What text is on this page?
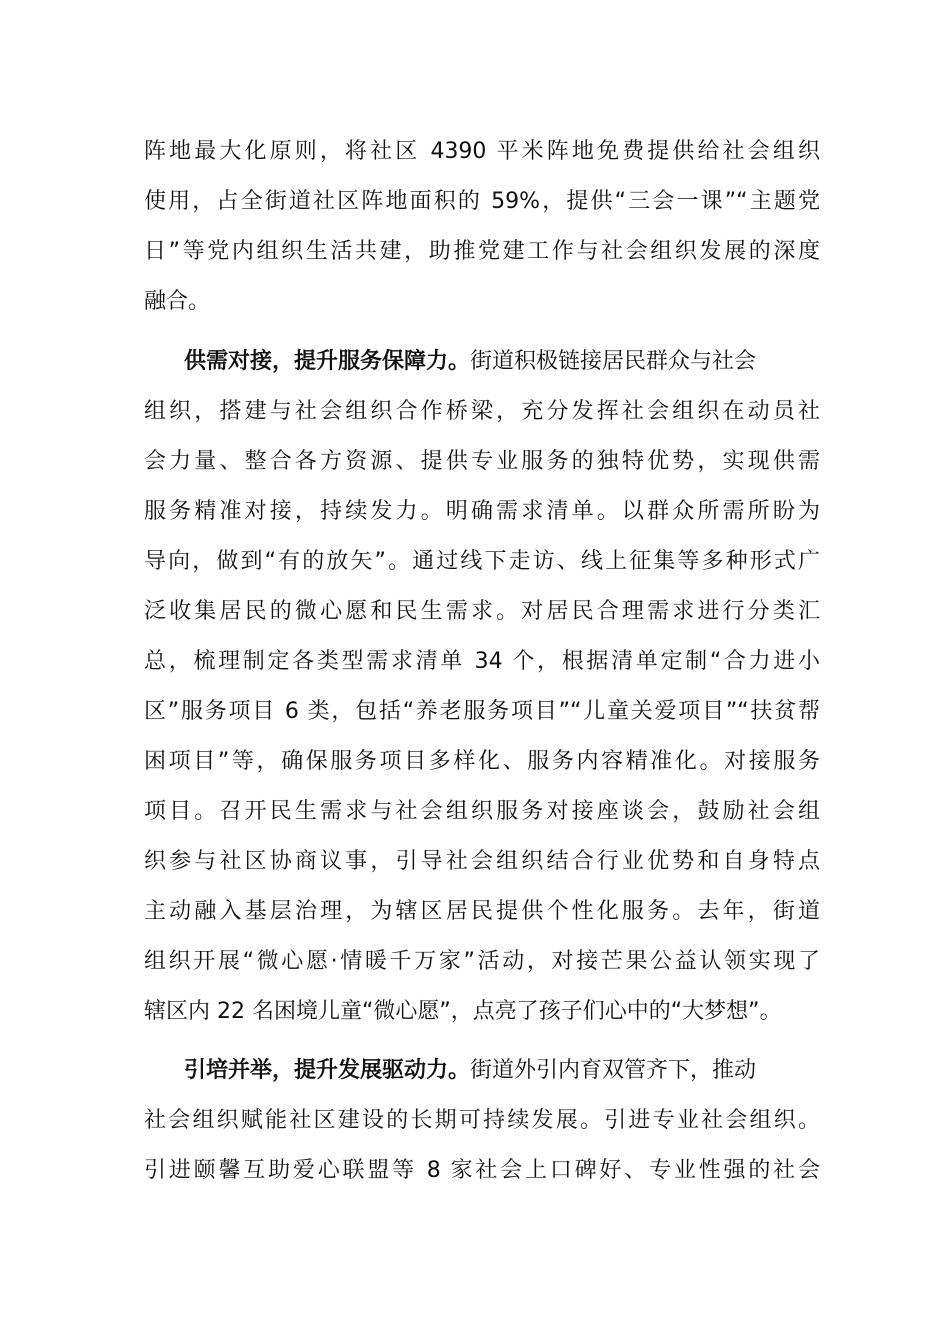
阵地最大化原则，将社区 4390 平米阵地免费提供给社会组织
使用，占全街道社区阵地面积的 59%，提供“三会一课”“主题党
日”等党内组织生活共建，助推党建工作与社会组织发展的深度
融合。
供需对接，提升服务保障力。街道积极链接居民群众与社会
组织，搭建与社会组织合作桥梁，充分发挥社会组织在动员社
会力量、整合各方资源、提供专业服务的独特优势，实现供需
服务精准对接，持续发力。明确需求清单。以群众所需所盼为
导向，做到“有的放矢”。通过线下走访、线上征集等多种形式广
泛收集居民的微心愿和民生需求。对居民合理需求进行分类汇
总，梳理制定各类型需求清单 34 个，根据清单定制“合力进小
区”服务项目 6 类，包括“养老服务项目”“儿童关爱项目”“扶贫帮
困项目”等，确保服务项目多样化、服务内容精准化。对接服务
项目。召开民生需求与社会组织服务对接座谈会，鼓励社会组
织参与社区协商议事，引导社会组织结合行业优势和自身特点
主动融入基层治理，为辖区居民提供个性化服务。去年，街道
组织开展“微心愿·情暖千万家”活动，对接芒果公益认领实现了
辖区内 22 名困境儿童“微心愿”，点亮了孩子们心中的“大梦想”。
引培并举，提升发展驱动力。街道外引内育双管齐下，推动
社会组织赋能社区建设的长期可持续发展。引进专业社会组织。
引进颐馨互助爱心联盟等 8 家社会上口碑好、专业性强的社会
